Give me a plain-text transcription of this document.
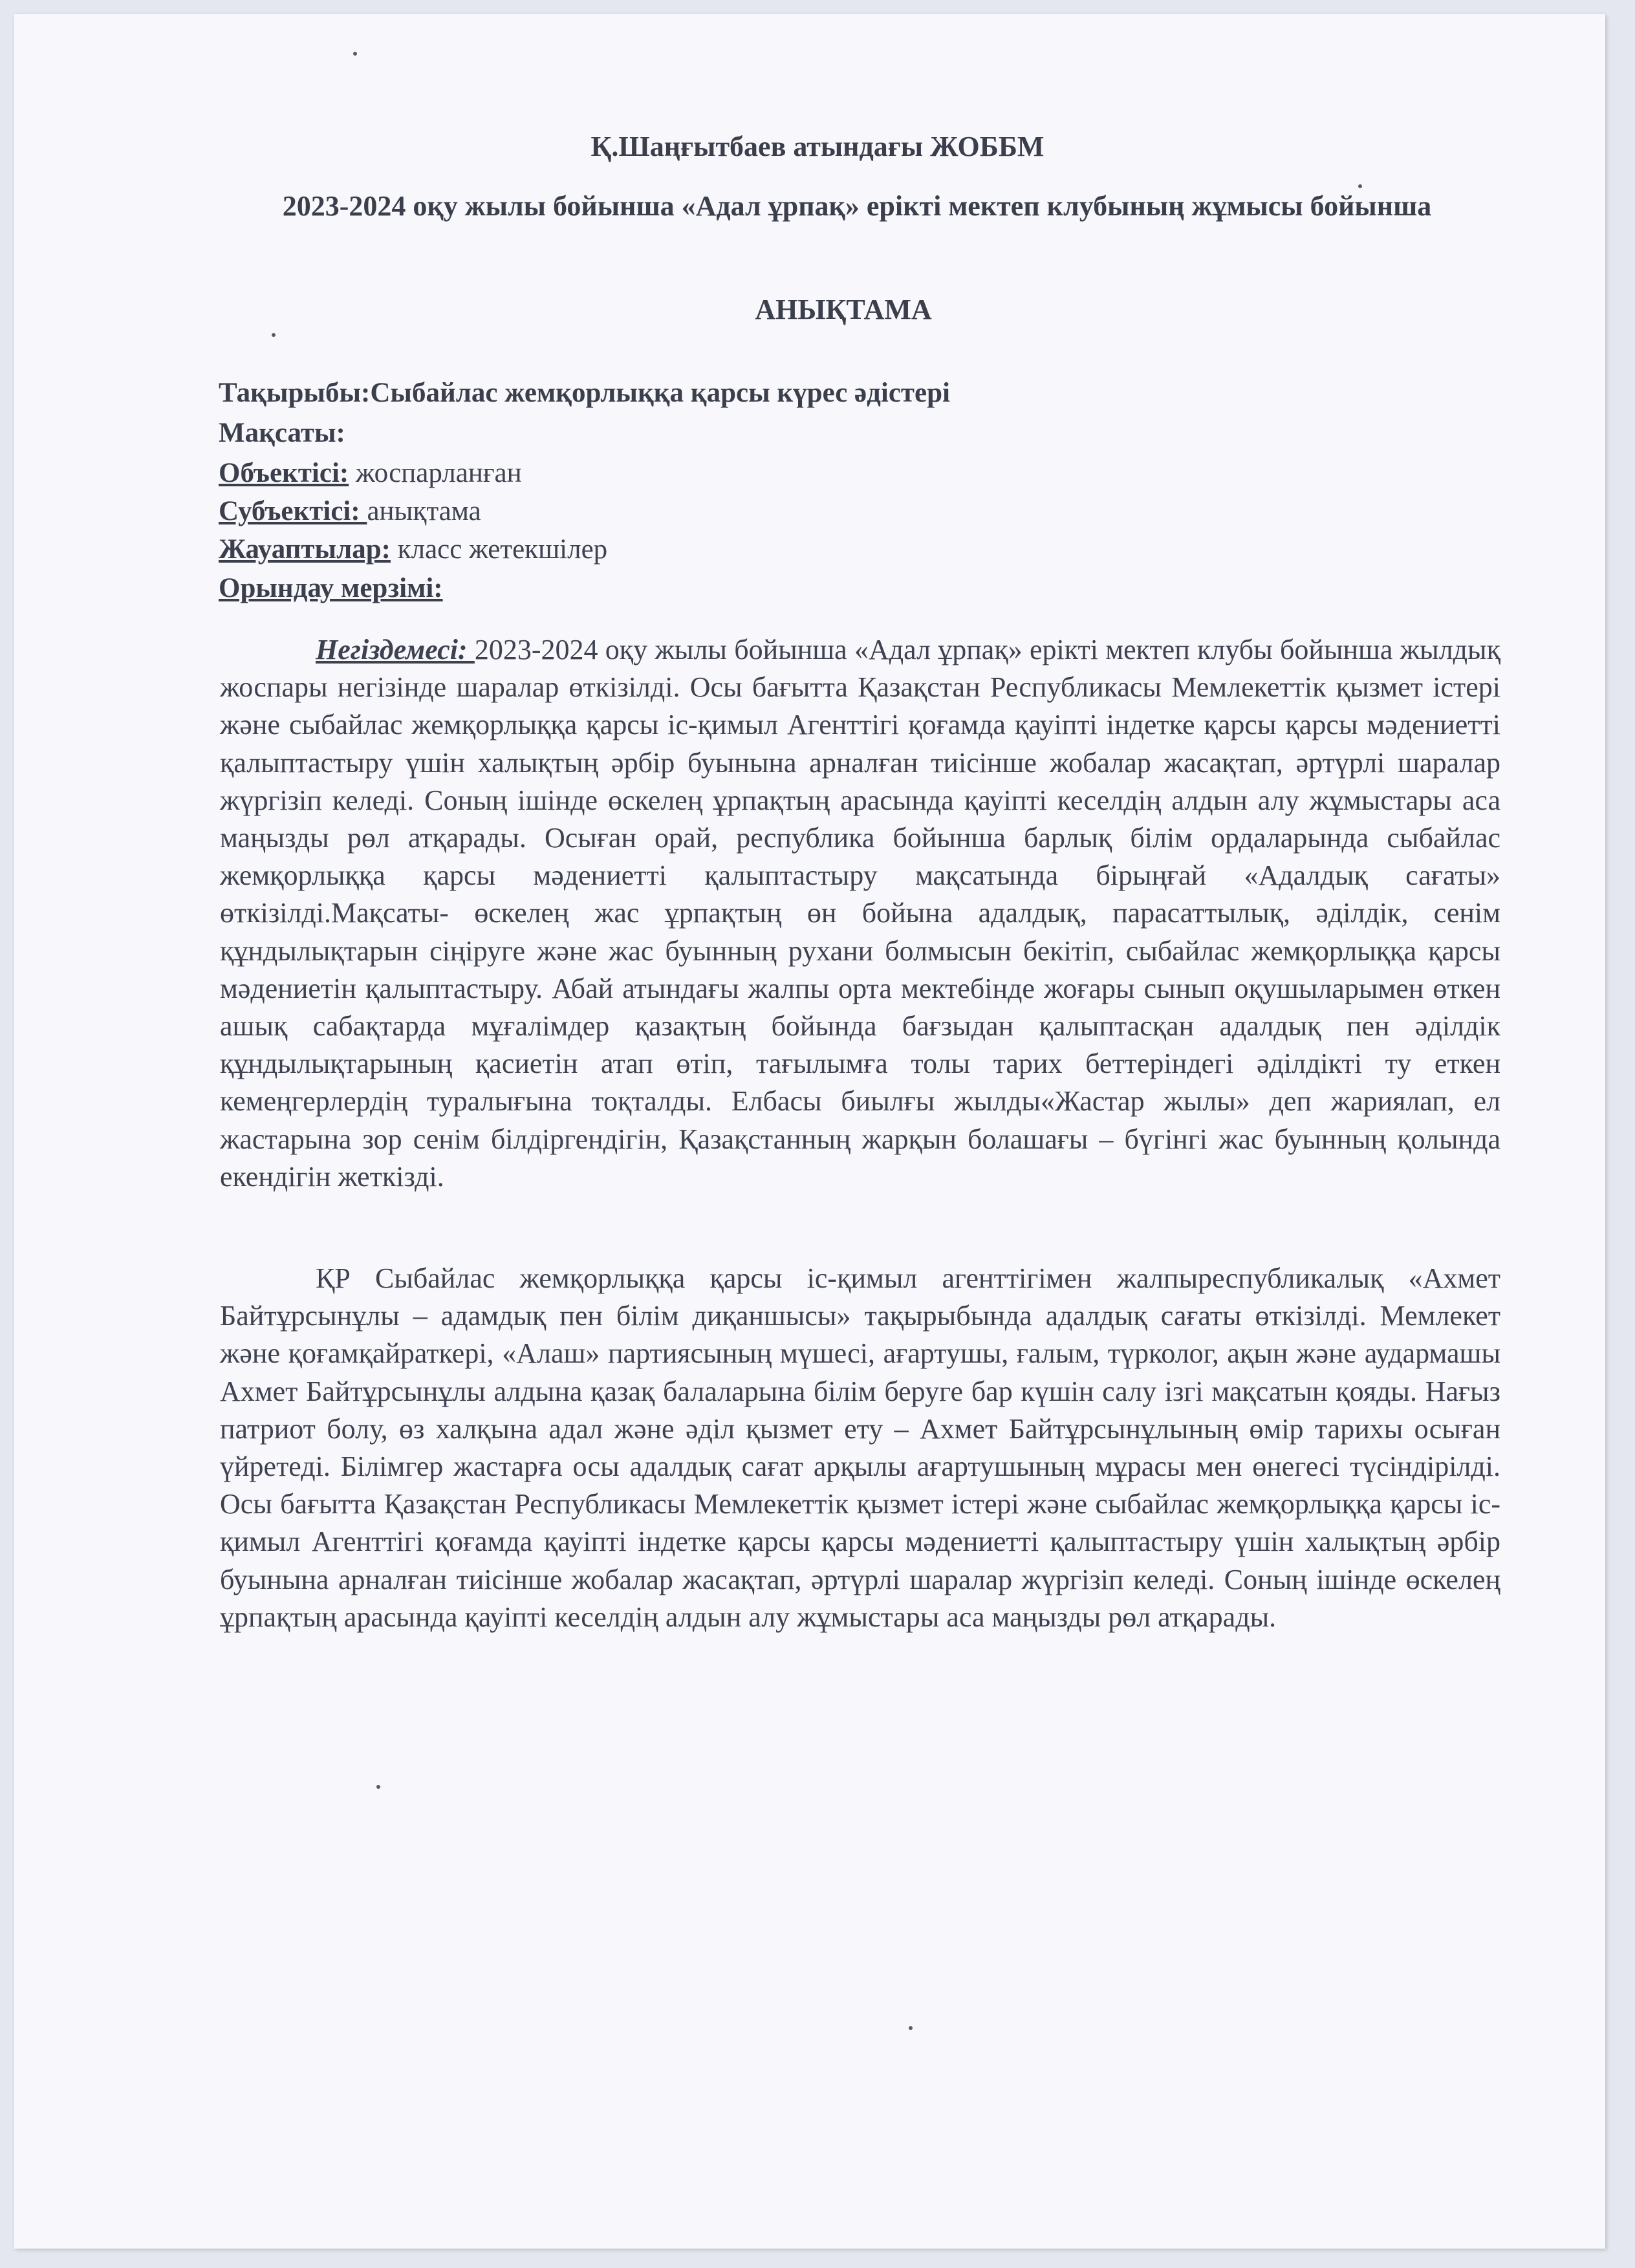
Қ.Шаңғытбаев атындағы ЖОББМ
2023-2024 оқу жылы бойынша «Адал ұрпақ» ерікті мектеп клубының жұмысы бойынша
АНЫҚТАМА
Тақырыбы:Сыбайлас жемқорлыққа қарсы күрес әдістері
Мақсаты:
Объектісі: жоспарланған
Субъектісі: анықтама
Жауаптылар: класс жетекшілер
Орындау мерзімі:

Негіздемесі: 2023-2024 оқу жылы бойынша «Адал ұрпақ» ерікті мектеп клубы бойынша жылдық жоспары негізінде шаралар өткізілді. Осы бағытта Қазақстан Республикасы Мемлекеттік қызмет істері және сыбайлас жемқорлыққа қарсы іс-қимыл Агенттігі қоғамда қауіпті індетке қарсы қарсы мәдениетті қалыптастыру үшін халықтың әрбір буынына арналған тиісінше жобалар жасақтап, әртүрлі шаралар жүргізіп келеді. Соның ішінде өскелең ұрпақтың арасында қауіпті кеселдің алдын алу жұмыстары аса маңызды рөл атқарады. Осыған орай, республика бойынша барлық білім ордаларында сыбайлас жемқорлыққа қарсы мәдениетті қалыптастыру мақсатында бірыңғай «Адалдық сағаты» өткізілді.Мақсаты- өскелең жас ұрпақтың өн бойына адалдық, парасаттылық, әділдік, сенім құндылықтарын сіңіруге және жас буынның рухани болмысын бекітіп, сыбайлас жемқорлыққа қарсы мәдениетін қалыптастыру. Абай атындағы жалпы орта мектебінде жоғары сынып оқушыларымен өткен ашық сабақтарда мұғалімдер қазақтың бойында бағзыдан қалыптасқан адалдық пен әділдік құндылықтарының қасиетін атап өтіп, тағылымға толы тарих беттеріндегі әділдікті ту еткен кемеңгерлердің туралығына тоқталды. Елбасы биылғы жылды«Жастар жылы» деп жариялап, ел жастарына зор сенім білдіргендігін, Қазақстанның жарқын болашағы – бүгінгі жас буынның қолында екендігін жеткізді.

ҚР Сыбайлас жемқорлыққа қарсы іс-қимыл агенттігімен жалпыреспубликалық «Ахмет Байтұрсынұлы – адамдық пен білім диқаншысы» тақырыбында адалдық сағаты өткізілді. Мемлекет және қоғамқайраткері, «Алаш» партиясының мүшесі, ағартушы, ғалым, түрколог, ақын және аудармашы Ахмет Байтұрсынұлы алдына қазақ балаларына білім беруге бар күшін салу ізгі мақсатын қояды. Нағыз патриот болу, өз халқына адал және әділ қызмет ету – Ахмет Байтұрсынұлының өмір тарихы осыған үйретеді. Білімгер жастарға осы адалдық сағат арқылы ағартушының мұрасы мен өнегесі түсіндірілді. Осы бағытта Қазақстан Республикасы Мемлекеттік қызмет істері және сыбайлас жемқорлыққа қарсы іс-қимыл Агенттігі қоғамда қауіпті індетке қарсы қарсы мәдениетті қалыптастыру үшін халықтың әрбір буынына арналған тиісінше жобалар жасақтап, әртүрлі шаралар жүргізіп келеді. Соның ішінде өскелең ұрпақтың арасында қауіпті кеселдің алдын алу жұмыстары аса маңызды рөл атқарады.
